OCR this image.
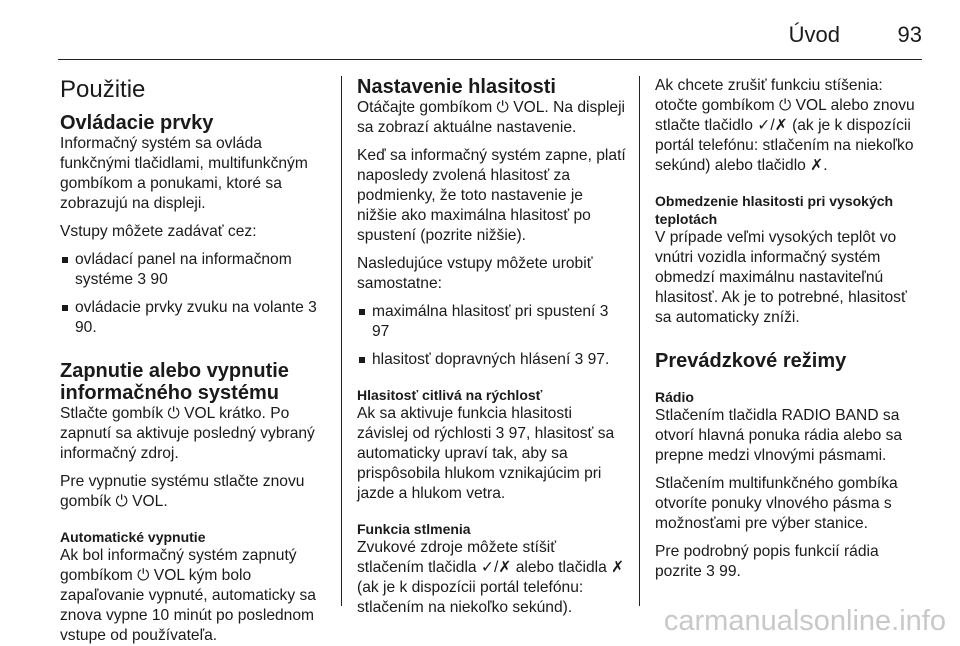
Úvod	93
Použitie
Ovládacie prvky
Informačný systém sa ovláda funkčnými tlačidlami, multifunkčným gombíkom a ponukami, ktoré sa zobrazujú na displeji.
Vstupy môžete zadávať cez:
ovládací panel na informačnom systéme 3 90
ovládacie prvky zvuku na volante 3 90.
Zapnutie alebo vypnutie informačného systému
Stlačte gombík ⏻ VOL krátko. Po zapnutí sa aktivuje posledný vybraný informačný zdroj.
Pre vypnutie systému stlačte znovu gombík ⏻ VOL.
Automatické vypnutie
Ak bol informačný systém zapnutý gombíkom ⏻ VOL kým bolo zapaľovanie vypnuté, automaticky sa znova vypne 10 minút po poslednom vstupe od používateľa.
Nastavenie hlasitosti
Otáčajte gombíkom ⏻ VOL. Na displeji sa zobrazí aktuálne nastavenie.
Keď sa informačný systém zapne, platí naposledy zvolená hlasitosť za podmienky, že toto nastavenie je nižšie ako maximálna hlasitosť po spustení (pozrite nižšie).
Nasledujúce vstupy môžete urobiť samostatne:
maximálna hlasitosť pri spustení 3 97
hlasitosť dopravných hlásení 3 97.
Hlasitosť citlivá na rýchlosť
Ak sa aktivuje funkcia hlasitosti závislej od rýchlosti 3 97, hlasitosť sa automaticky upraví tak, aby sa prispôsobila hlukom vznikajúcim pri jazde a hlukom vetra.
Funkcia stlmenia
Zvukové zdroje môžete stíšiť stlačením tlačidla ✓/✗ alebo tlačidla ✗ (ak je k dispozícii portál telefónu: stlačením na niekoľko sekúnd).
Ak chcete zrušiť funkciu stíšenia: otočte gombíkom ⏻ VOL alebo znovu stlačte tlačidlo ✓/✗ (ak je k dispozícii portál telefónu: stlačením na niekoľko sekúnd) alebo tlačidlo ✗.
Obmedzenie hlasitosti pri vysokých teplotách
V prípade veľmi vysokých teplôt vo vnútri vozidla informačný systém obmedzí maximálnu nastaviteľnú hlasitosť. Ak je to potrebné, hlasitosť sa automaticky zníži.
Prevádzkové režimy
Rádio
Stlačením tlačidla RADIO BAND sa otvorí hlavná ponuka rádia alebo sa prepne medzi vlnovými pásmami.
Stlačením multifunkčného gombíka otvoríte ponuky vlnového pásma s možnosťami pre výber stanice.
Pre podrobný popis funkcií rádia pozrite 3 99.
carmanualsonline.info
